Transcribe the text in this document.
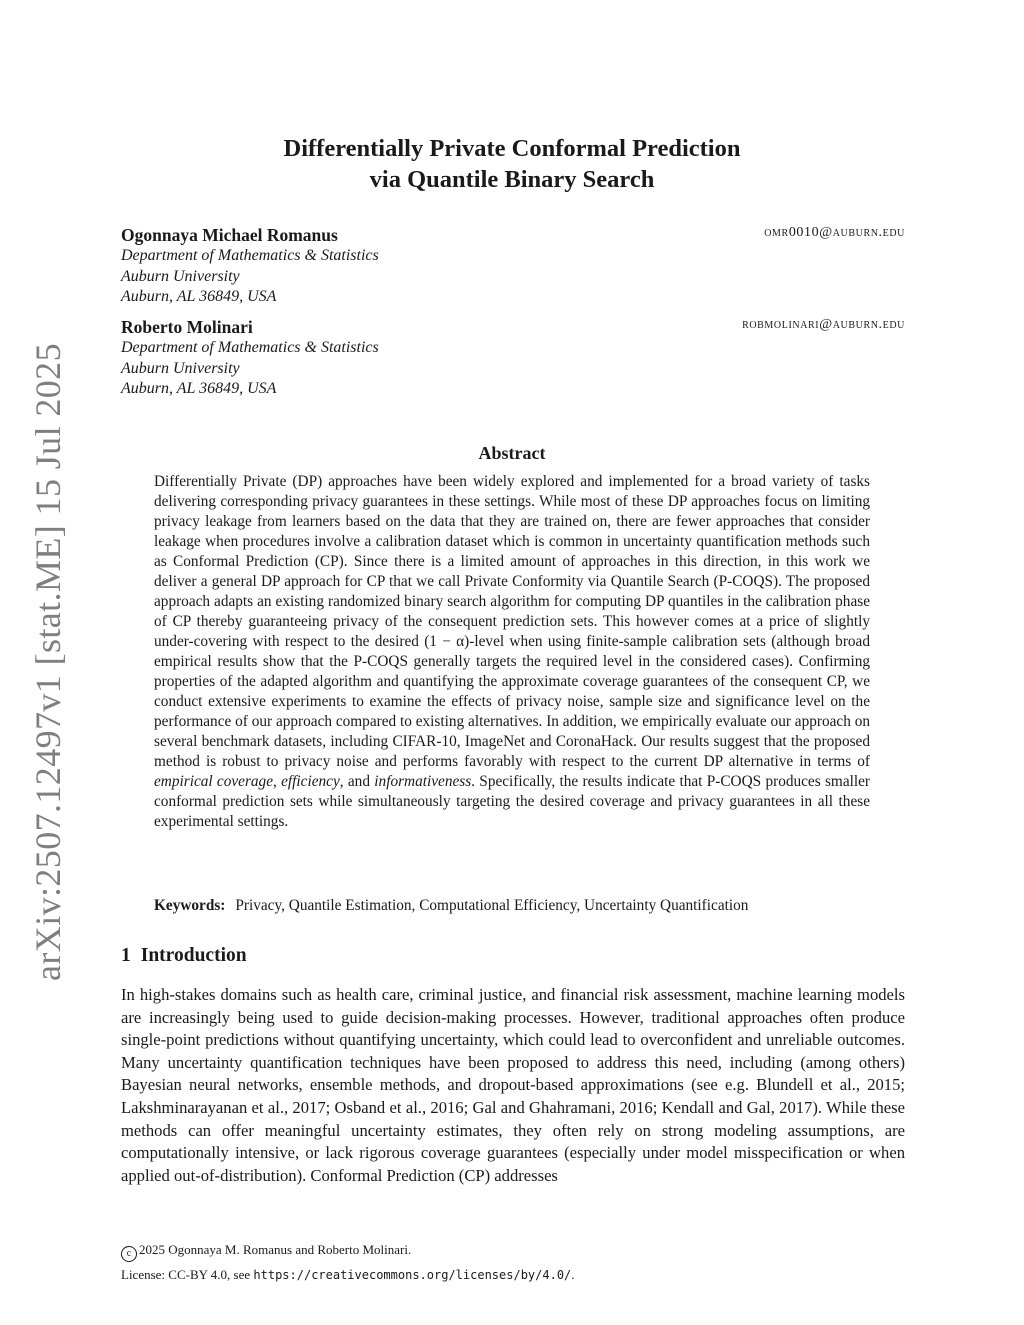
arXiv:2507.12497v1 [stat.ME] 15 Jul 2025
Differentially Private Conformal Prediction
via Quantile Binary Search
Ogonnaya Michael Romanus	omr0010@auburn.edu
Department of Mathematics & Statistics
Auburn University
Auburn, AL 36849, USA
Roberto Molinari	robmolinari@auburn.edu
Department of Mathematics & Statistics
Auburn University
Auburn, AL 36849, USA
Abstract
Differentially Private (DP) approaches have been widely explored and implemented for a broad variety of tasks delivering corresponding privacy guarantees in these settings. While most of these DP approaches focus on limiting privacy leakage from learners based on the data that they are trained on, there are fewer approaches that consider leakage when procedures involve a calibration dataset which is common in uncertainty quantification methods such as Conformal Prediction (CP). Since there is a limited amount of approaches in this direction, in this work we deliver a general DP approach for CP that we call Private Conformity via Quantile Search (P-COQS). The proposed approach adapts an existing randomized binary search algorithm for computing DP quantiles in the calibration phase of CP thereby guaranteeing privacy of the consequent prediction sets. This however comes at a price of slightly under-covering with respect to the desired (1 − α)-level when using finite-sample calibration sets (although broad empirical results show that the P-COQS generally targets the required level in the considered cases). Confirming properties of the adapted algorithm and quantifying the approximate coverage guarantees of the consequent CP, we conduct extensive experiments to examine the effects of privacy noise, sample size and significance level on the performance of our approach compared to existing alternatives. In addition, we empirically evaluate our approach on several benchmark datasets, including CIFAR-10, ImageNet and CoronaHack. Our results suggest that the proposed method is robust to privacy noise and performs favorably with respect to the current DP alternative in terms of empirical coverage, efficiency, and informativeness. Specifically, the results indicate that P-COQS produces smaller conformal prediction sets while simultaneously targeting the desired coverage and privacy guarantees in all these experimental settings.
Keywords: Privacy, Quantile Estimation, Computational Efficiency, Uncertainty Quantification
1 Introduction
In high-stakes domains such as health care, criminal justice, and financial risk assessment, machine learning models are increasingly being used to guide decision-making processes. However, traditional approaches often produce single-point predictions without quantifying uncertainty, which could lead to overconfident and unreliable outcomes. Many uncertainty quantification techniques have been proposed to address this need, including (among others) Bayesian neural networks, ensemble methods, and dropout-based approximations (see e.g. Blundell et al., 2015; Lakshminarayanan et al., 2017; Osband et al., 2016; Gal and Ghahramani, 2016; Kendall and Gal, 2017). While these methods can offer meaningful uncertainty estimates, they often rely on strong modeling assumptions, are computationally intensive, or lack rigorous coverage guarantees (especially under model misspecification or when applied out-of-distribution). Conformal Prediction (CP) addresses
c 2025 Ogonnaya M. Romanus and Roberto Molinari.
License: CC-BY 4.0, see https://creativecommons.org/licenses/by/4.0/.
